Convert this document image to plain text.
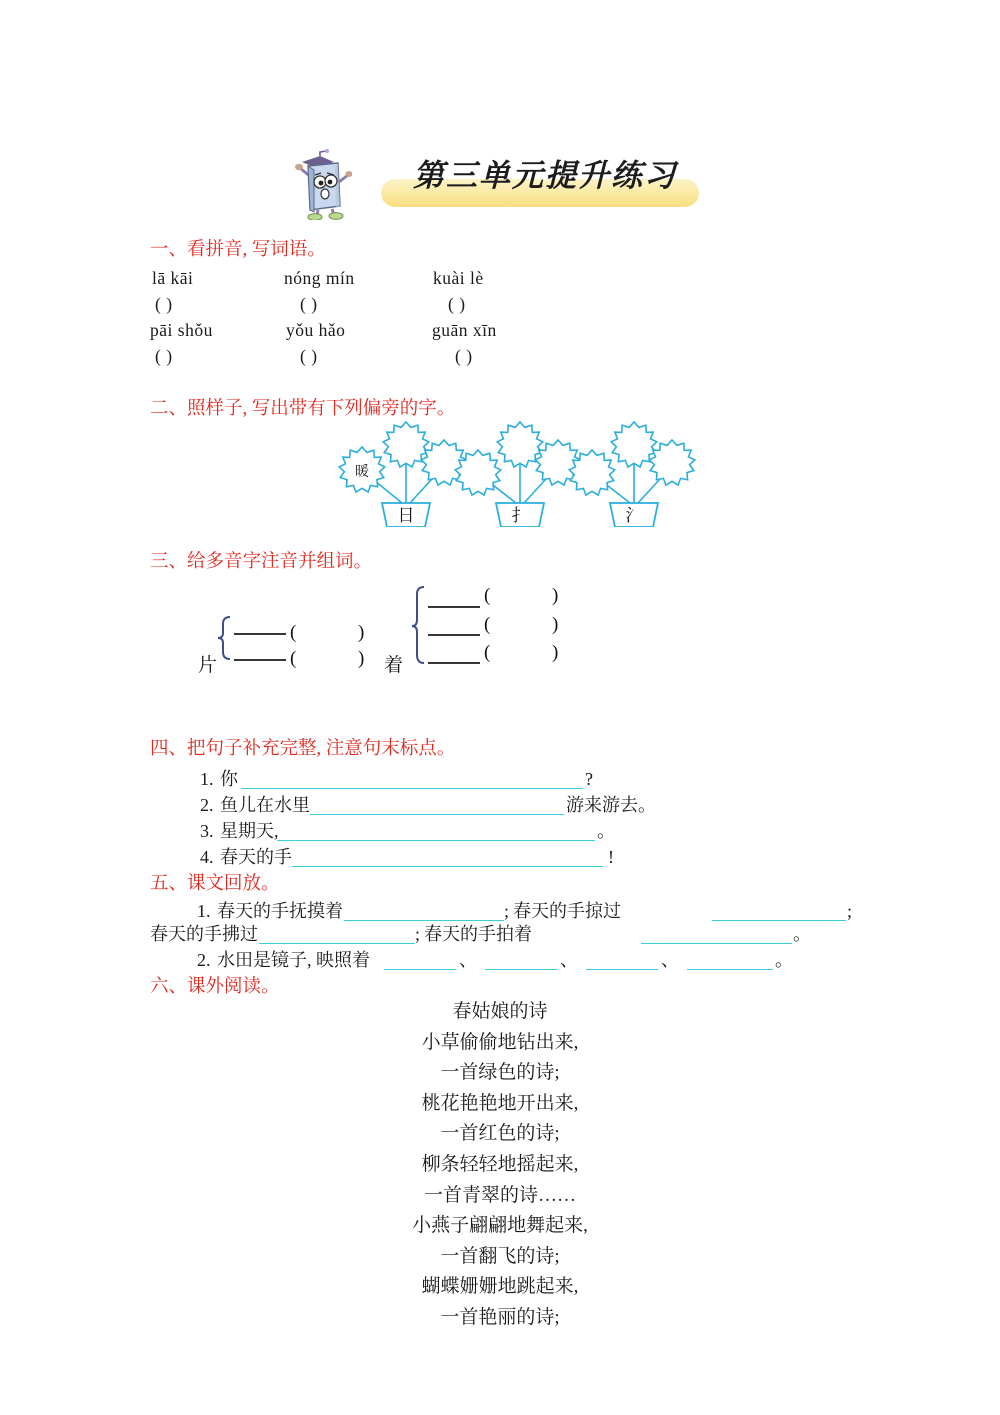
第三单元提升练习
一、看拼音, 写词语。
lā kāi	nóng mín	kuài lè
( )	( )	( )
pāi shǒu	yǒu hǎo	guān xīn
( )	( )	( )
二、照样子, 写出带有下列偏旁的字。
日
暖
扌	氵
三、给多音字注音并组词。
片
(	)
(	) 着
(	)
(	)
(	)
四、把句子补充完整, 注意句末标点。
1. 你	?
2. 鱼儿在水里	游来游去。
3. 星期天,	。
4. 春天的手	!
五、课文回放。
1. 春天的手抚摸着	; 春天的手掠过	;
春天的手拂过	; 春天的手拍着	。
2. 水田是镜子, 映照着	、	、	、	。
六、课外阅读。
春姑娘的诗
小草偷偷地钻出来,
一首绿色的诗;
桃花艳艳地开出来,
一首红色的诗;
柳条轻轻地摇起来,
一首青翠的诗……
小燕子翩翩地舞起来,
一首翻飞的诗;
蝴蝶姗姗地跳起来,
一首艳丽的诗;
